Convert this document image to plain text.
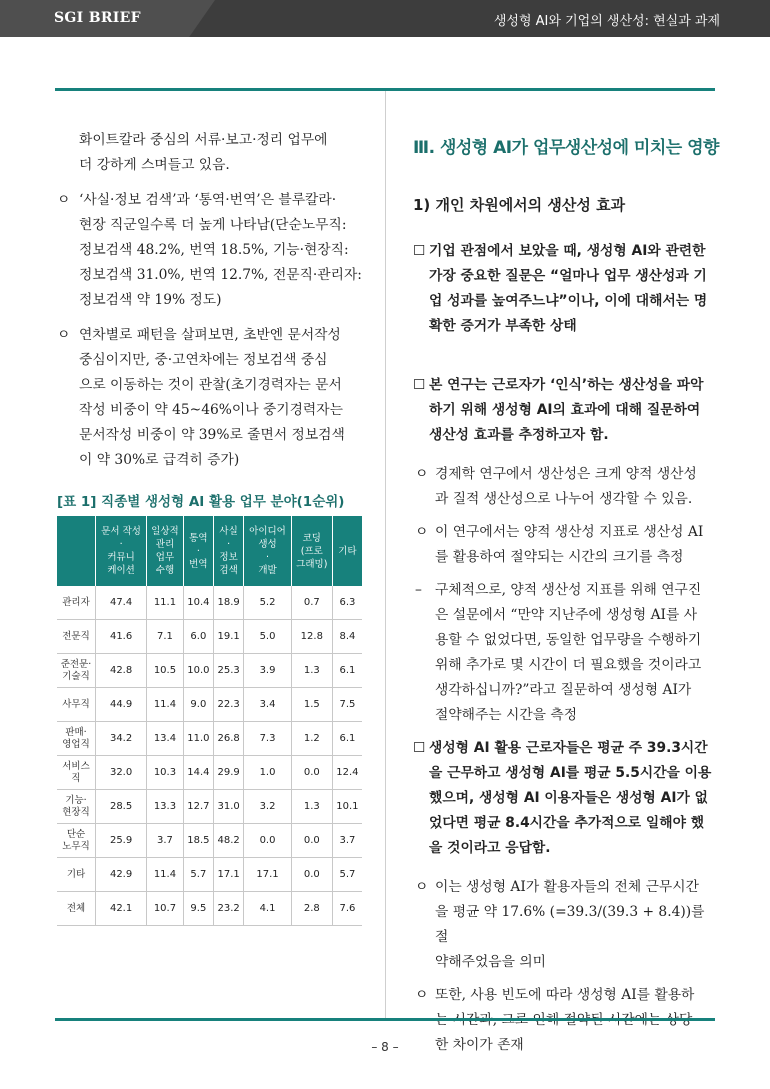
SGI BRIEF	생성형 AI와 기업의 생산성: 현실과 과제
화이트칼라 중심의 서류·보고·정리 업무에
더 강하게 스며들고 있음.
ㅇ ‘사실·정보 검색’과 ‘통역·번역’은 블루칼라·
현장 직군일수록 더 높게 나타남(단순노무직:
정보검색 48.2%, 번역 18.5%, 기능·현장직:
정보검색 31.0%, 번역 12.7%, 전문직·관리자:
정보검색 약 19% 정도)
ㅇ 연차별로 패턴을 살펴보면, 초반엔 문서작성
중심이지만, 중·고연차에는 정보검색 중심
으로 이동하는 것이 관찰(초기경력자는 문서
작성 비중이 약 45~46%이나 중기경력자는
문서작성 비중이 약 39%로 줄면서 정보검색
이 약 30%로 급격히 증가)
[표 1] 직종별 생성형 AI 활용 업무 분야(1순위)
	문서 작성
·
커뮤니
케이션	일상적
관리
업무
수행	통역
·
번역	사실
·
정보
검색	아이디어
생성
·
개발	코딩
(프로
그래밍)	기타
관리자	47.4	11.1	10.4	18.9	5.2	0.7	6.3
전문직	41.6	7.1	6.0	19.1	5.0	12.8	8.4
준전문·
기술직	42.8	10.5	10.0	25.3	3.9	1.3	6.1
사무직	44.9	11.4	9.0	22.3	3.4	1.5	7.5
판매·
영업직	34.2	13.4	11.0	26.8	7.3	1.2	6.1
서비스직	32.0	10.3	14.4	29.9	1.0	0.0	12.4
기능·
현장직	28.5	13.3	12.7	31.0	3.2	1.3	10.1
단순
노무직	25.9	3.7	18.5	48.2	0.0	0.0	3.7
기타	42.9	11.4	5.7	17.1	17.1	0.0	5.7
전체	42.1	10.7	9.5	23.2	4.1	2.8	7.6
Ⅲ. 생성형 AI가 업무생산성에 미치는 영향
1) 개인 차원에서의 생산성 효과
☐ 기업 관점에서 보았을 때, 생성형 AI와 관련한
가장 중요한 질문은 “얼마나 업무 생산성과 기
업 성과를 높여주느냐”이나, 이에 대해서는 명
확한 증거가 부족한 상태
☐ 본 연구는 근로자가 ‘인식’하는 생산성을 파악
하기 위해 생성형 AI의 효과에 대해 질문하여
생산성 효과를 추정하고자 함.
ㅇ 경제학 연구에서 생산성은 크게 양적 생산성
과 질적 생산성으로 나누어 생각할 수 있음.
ㅇ 이 연구에서는 양적 생산성 지표로 생산성 AI
를 활용하여 절약되는 시간의 크기를 측정
– 구체적으로, 양적 생산성 지표를 위해 연구진
은 설문에서 “만약 지난주에 생성형 AI를 사
용할 수 없었다면, 동일한 업무량을 수행하기
위해 추가로 몇 시간이 더 필요했을 것이라고
생각하십니까?”라고 질문하여 생성형 AI가
절약해주는 시간을 측정
☐ 생성형 AI 활용 근로자들은 평균 주 39.3시간
을 근무하고 생성형 AI를 평균 5.5시간을 이용
했으며, 생성형 AI 이용자들은 생성형 AI가 없
었다면 평균 8.4시간을 추가적으로 일해야 했
을 것이라고 응답함.
ㅇ 이는 생성형 AI가 활용자들의 전체 근무시간
을 평균 약 17.6% (=39.3/(39.3 + 8.4))를 절
약해주었음을 의미
ㅇ 또한, 사용 빈도에 따라 생성형 AI를 활용하
한 차이가 존재
– 8 –
